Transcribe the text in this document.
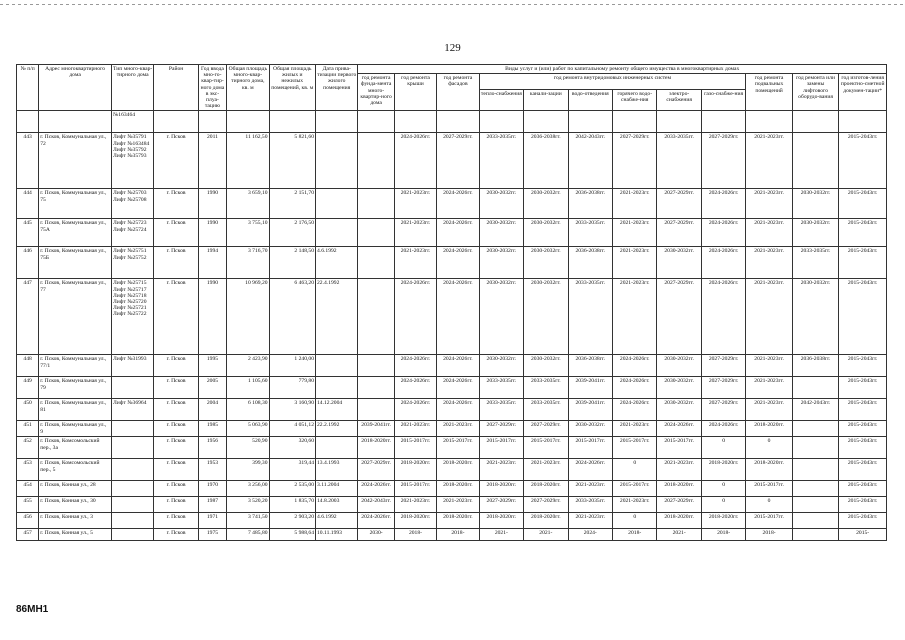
129
№ п/п	Адрес многоквартирного дома	Тип много-квар-тирного дома	Район	Год ввода мно-го-квар-тир-ного дома в экс-плуа-тацию	Общая площадь много-квар-тирного дома, кв. м	Общая площадь жилых и нежилых помещений, кв. м	Дата прива-тизации первого жилого помещения	Виды услуг и (или) работ по капитальному ремонту общего имущества в многоквартирных домах											
								год ремонта фунда-мента много-квартир-ного дома	год ремонта крыши	год ремонта фасадов	год ремонта внутридомовых инженерных систем						год ремонта подвальных помещений	год ремонта или замены лифтового оборудо-вания	год изготов-ления проектно-сметной докумен-тации*
											тепло-снабжения	канали-зации	водо-отведения	горячего водо-снабже-ния	электро-снабжения	газо-снабже-ния			
		№163464																	
443	г. Псков, Коммунальная ул., 72	Лифт №35791 Лифт №163484 Лифт №35792 Лифт №35793	г. Псков	2011	11 162,50	5 821,60			2024-2026гг.	2027-2029гг.	2033-2035гг.	2036-2038гг.	2042-2043гг.	2027-2029гг.	2033-2035гг.	2027-2029гг.	2021-2023гг.		2015-2043гг.
444	г. Псков, Коммунальная ул., 75	Лифт №25703 Лифт №25708	г. Псков	1990	3 659,10	2 151,70			2021-2023гг.	2024-2026гг.	2030-2032гг.	2030-2032гг.	2036-2038гг.	2021-2023гг.	2027-2029гг.	2024-2026гг.	2021-2023гг.	2030-2032гг.	2015-2043гг.
445	г. Псков, Коммунальная ул., 75А	Лифт №25723 Лифт №25724	г. Псков	1990	3 755,10	2 176,50			2021-2023гг.	2024-2026гг.	2030-2032гг.	2030-2032гг.	2033-2035гг.	2021-2023гг.	2027-2029гг.	2024-2026гг.	2021-2023гг.	2030-2032гг.	2015-2043гг.
446	г. Псков, Коммунальная ул., 75Б	Лифт №25751 Лифт №25752	г. Псков	1994	3 716,70	2 148,50	4.6.1992		2021-2023гг.	2024-2026гг.	2030-2032гг.	2030-2032гг.	2036-2038гг.	2021-2023гг.	2030-2032гг.	2024-2026гг.	2021-2023гг.	2033-2035гг.	2015-2043гг.
447	г. Псков, Коммунальная ул., 77	Лифт №25715 Лифт №25717 Лифт №25718 Лифт №25720 Лифт №25721 Лифт №25722	г. Псков	1990	10 969,20	6 463,20	22.4.1992		2024-2026гг.	2024-2026гг.	2030-2032гг.	2030-2032гг.	2033-2035гг.	2021-2023гг.	2027-2029гг.	2024-2026гг.	2021-2023гг.	2030-2032гг.	2015-2043гг.
448	г. Псков, Коммунальная ул., 77/1	Лифт №31993	г. Псков	1995	2 423,90	1 240,00			2024-2026гг.	2024-2026гг.	2030-2032гг.	2030-2032гг.	2036-2038гг.	2024-2026гг.	2030-2032гг.	2027-2029гг.	2021-2023гг.	2036-2038гг.	2015-2043гг.
449	г. Псков, Коммунальная ул., 79		г. Псков	2005	1 105,60	779,80			2024-2026гг.	2024-2026гг.	2033-2035гг.	2033-2035гг.	2039-2041гг.	2024-2026гг.	2030-2032гг.	2027-2029гг.	2021-2023гг.		2015-2043гг.
450	г. Псков, Коммунальная ул., 81	Лифт №36964	г. Псков	2004	6 108,30	3 160,90	14.12.2004		2024-2026гг.	2024-2026гг.	2033-2035гг.	2033-2035гг.	2039-2041гг.	2024-2026гг.	2030-2032гг.	2027-2029гг.	2021-2023гг.	2042-2043гг.	2015-2043гг.
451	г. Псков, Коммунальная ул., 9		г. Псков	1985	5 063,90	4 051,12	22.2.1992	2039-2041гг.	2021-2023гг.	2021-2023гг.	2027-2029гг.	2027-2029гг.	2030-2032гг.	2021-2023гг.	2024-2026гг.	2024-2026гг.	2018-2020гг.		2015-2043гг.
452	г. Псков, Комсомольский пер., 3а		г. Псков	1956	520,90	320,60		2018-2020гг.	2015-2017гг.	2015-2017гг.	2015-2017гг.	2015-2017гг.	2015-2017гг.	2015-2017гг.	2015-2017гг.	0	0		2015-2043гг.
453	г. Псков, Комсомольский пер., 5		г. Псков	1953	399,30	319,44	13.4.1993	2027-2029гг.	2018-2020гг.	2018-2020гг.	2021-2023гг.	2021-2023гг.	2024-2026гг.	0	2021-2023гг.	2018-2020гг.	2018-2020гг.		2015-2043гг.
454	г. Псков, Конная ул., 28		г. Псков	1970	3 256,00	2 535,00	3.11.2004	2024-2026гг.	2015-2017гг.	2018-2020гг.	2018-2020гг.	2018-2020гг.	2021-2023гг.	2015-2017гг.	2018-2020гг.	0	2015-2017гг.		2015-2043гг.
455	г. Псков, Конная ул., 30		г. Псков	1987	3 520,20	1 835,70	14.8.2003	2042-2043гг.	2021-2023гг.	2021-2023гг.	2027-2029гг.	2027-2029гг.	2033-2035гг.	2021-2023гг.	2027-2029гг.	0	0		2015-2043гг.
456	г. Псков, Конная ул., 3		г. Псков	1971	3 741,50	2 903,20	4.6.1992	2024-2026гг.	2018-2020гг.	2018-2020гг.	2018-2020гг.	2018-2020гг.	2021-2023гг.	0	2018-2020гг.	2018-2020гг.	2015-2017гг.		2015-2043гг.
457	г. Псков, Конная ул., 5		г. Псков	1975	7 485,80	5 988,64	10.11.1993	2030-	2018-	2018-	2021-	2021-	2024-	2018-	2021-	2018-	2018-		2015-
86МН1
